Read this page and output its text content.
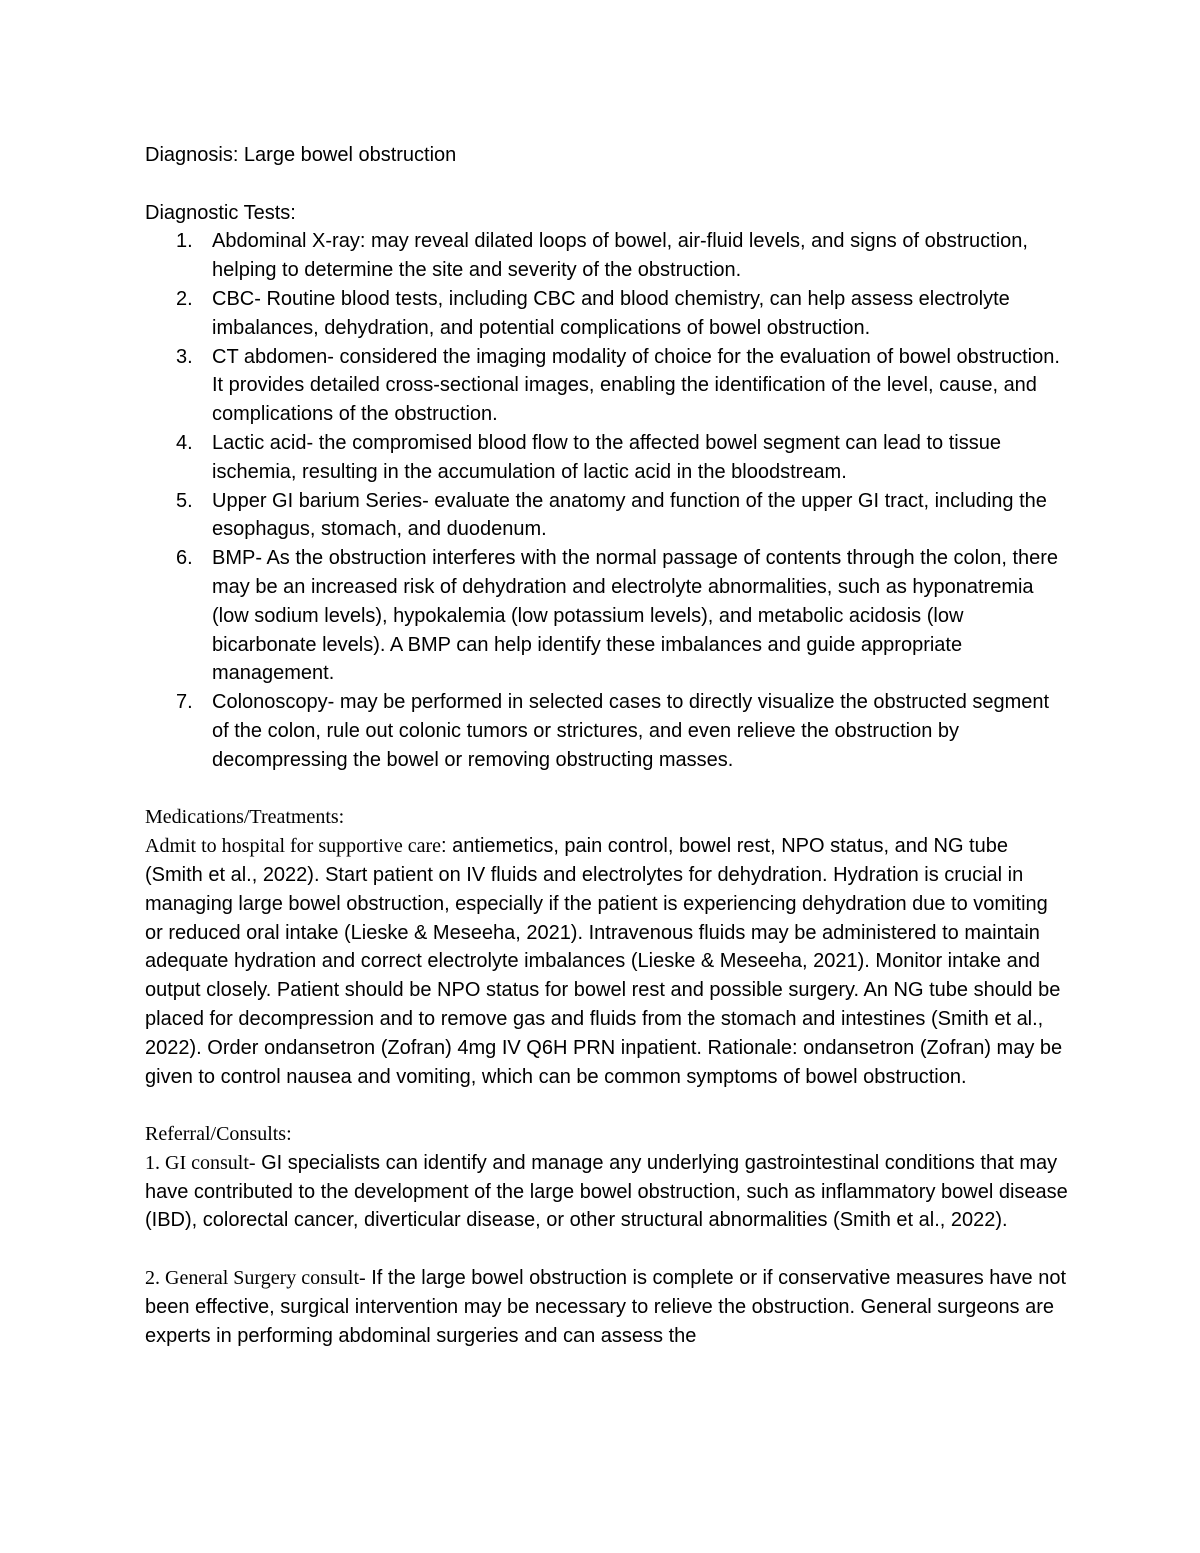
Diagnosis: Large bowel obstruction

Diagnostic Tests:

1. Abdominal X-ray: may reveal dilated loops of bowel, air-fluid levels, and signs of obstruction, helping to determine the site and severity of the obstruction.
2. CBC- Routine blood tests, including CBC and blood chemistry, can help assess electrolyte imbalances, dehydration, and potential complications of bowel obstruction.
3. CT abdomen- considered the imaging modality of choice for the evaluation of bowel obstruction. It provides detailed cross-sectional images, enabling the identification of the level, cause, and complications of the obstruction.
4. Lactic acid- the compromised blood flow to the affected bowel segment can lead to tissue ischemia, resulting in the accumulation of lactic acid in the bloodstream.
5. Upper GI barium Series- evaluate the anatomy and function of the upper GI tract, including the esophagus, stomach, and duodenum.
6. BMP- As the obstruction interferes with the normal passage of contents through the colon, there may be an increased risk of dehydration and electrolyte abnormalities, such as hyponatremia (low sodium levels), hypokalemia (low potassium levels), and metabolic acidosis (low bicarbonate levels). A BMP can help identify these imbalances and guide appropriate management.
7. Colonoscopy- may be performed in selected cases to directly visualize the obstructed segment of the colon, rule out colonic tumors or strictures, and even relieve the obstruction by decompressing the bowel or removing obstructing masses.

Medications/Treatments:

Admit to hospital for supportive care: antiemetics, pain control, bowel rest, NPO status, and NG tube (Smith et al., 2022). Start patient on IV fluids and electrolytes for dehydration. Hydration is crucial in managing large bowel obstruction, especially if the patient is experiencing dehydration due to vomiting or reduced oral intake (Lieske & Meseeha, 2021). Intravenous fluids may be administered to maintain adequate hydration and correct electrolyte imbalances (Lieske & Meseeha, 2021). Monitor intake and output closely. Patient should be NPO status for bowel rest and possible surgery. An NG tube should be placed for decompression and to remove gas and fluids from the stomach and intestines (Smith et al., 2022). Order ondansetron (Zofran) 4mg IV Q6H PRN inpatient. Rationale: ondansetron (Zofran) may be given to control nausea and vomiting, which can be common symptoms of bowel obstruction.

Referral/Consults:

1. GI consult- GI specialists can identify and manage any underlying gastrointestinal conditions that may have contributed to the development of the large bowel obstruction, such as inflammatory bowel disease (IBD), colorectal cancer, diverticular disease, or other structural abnormalities (Smith et al., 2022).

2. General Surgery consult- If the large bowel obstruction is complete or if conservative measures have not been effective, surgical intervention may be necessary to relieve the obstruction. General surgeons are experts in performing abdominal surgeries and can assess the
